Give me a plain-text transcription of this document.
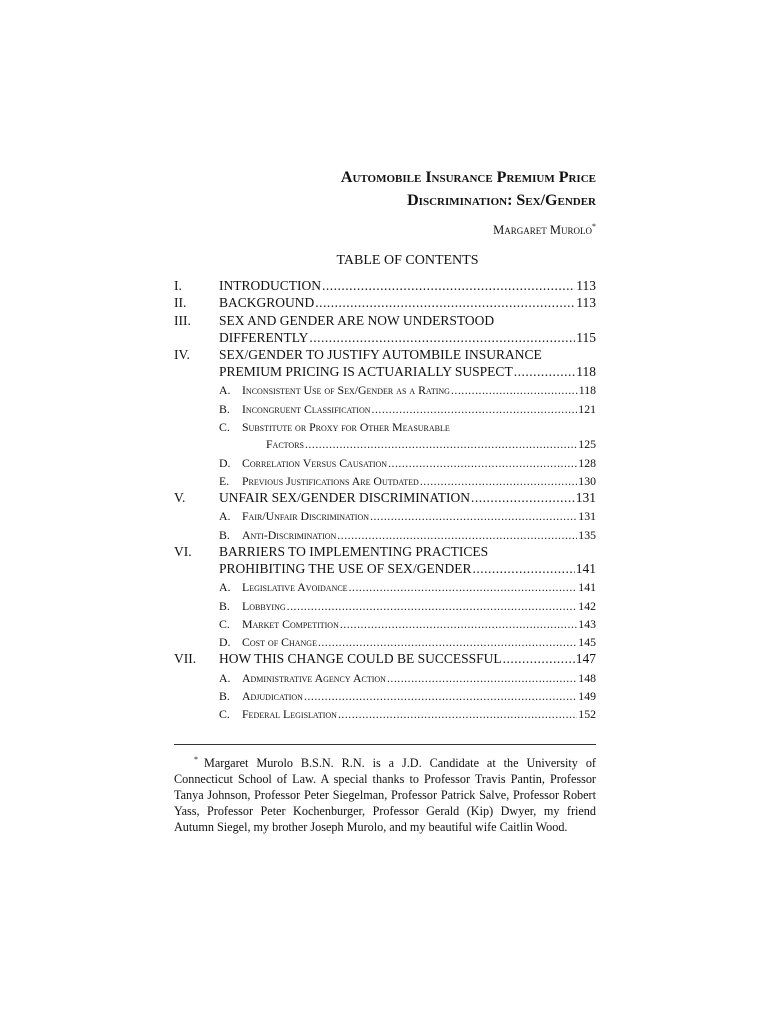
Automobile Insurance Premium Price
Discrimination: Sex/Gender
Margaret Murolo*
TABLE OF CONTENTS
I.	INTRODUCTION .....	113
II. BACKGROUND .....	113
III. SEX AND GENDER ARE NOW UNDERSTOOD
DIFFERENTLY .....	115
IV. SEX/GENDER TO JUSTIFY AUTOMBILE INSURANCE
PREMIUM PRICING IS ACTUARIALLY SUSPECT .....	118
A. Inconsistent Use of Sex/Gender as a Rating .....	118
B. Incongruent Classification .....	121
C. Substitute or Proxy for Other Measurable
Factors .....	125
D. Correlation Versus Causation .....	128
E. Previous Justifications Are Outdated .....	130
V. UNFAIR SEX/GENDER DISCRIMINATION .....	131
A. Fair/Unfair Discrimination .....	131
B. Anti-Discrimination .....	135
VI. BARRIERS TO IMPLEMENTING PRACTICES
PROHIBITING THE USE OF SEX/GENDER .....	141
A. Legislative Avoidance .....	141
B. Lobbying .....	142
C. Market Competition .....	143
D. Cost of Change .....	145
VII. HOW THIS CHANGE COULD BE SUCCESSFUL .....	147
A. Administrative Agency Action .....	148
B. Adjudication .....	149
C. Federal Legislation .....	152
* Margaret Murolo B.S.N. R.N. is a J.D. Candidate at the University of Connecticut School of Law. A special thanks to Professor Travis Pantin, Professor Tanya Johnson, Professor Peter Siegelman, Professor Patrick Salve, Professor Robert Yass, Professor Peter Kochenburger, Professor Gerald (Kip) Dwyer, my friend Autumn Siegel, my brother Joseph Murolo, and my beautiful wife Caitlin Wood.
